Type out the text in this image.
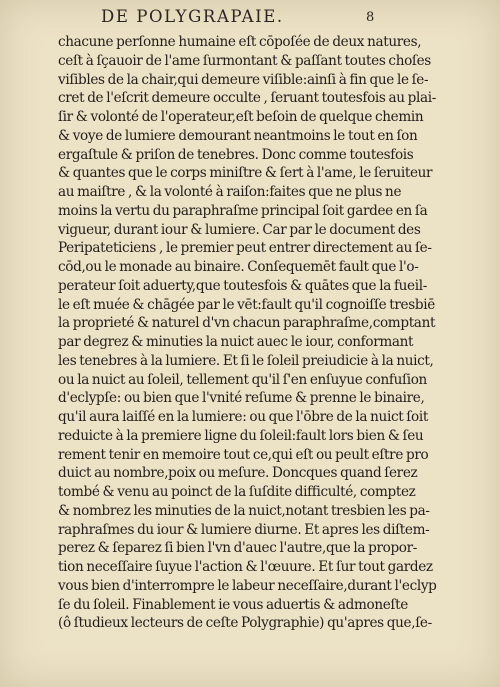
DE POLYGRAPAIE.	8
chacune perſonne humaine eſt cōpoſée de deux natures,
ceſt à ſçauoir de l'ame ſurmontant & paſſant toutes choſes
viſibles de la chair,qui demeure viſible:ainſi à fin que le ſe-
cret de l'eſcrit demeure occulte , ſeruant toutesfois au plai-
ſir & volonté de l'operateur,eſt beſoin de quelque chemin
& voye de lumiere demourant neantmoins le tout en ſon
ergaſtule & priſon de tenebres. Donc comme toutesfois
& quantes que le corps miniſtre & ſert à l'ame, le ſeruiteur
au maiſtre , & la volonté à raiſon:faites que ne plus ne
moins la vertu du paraphraſme principal ſoit gardee en ſa
vigueur, durant iour & lumiere. Car par le document des
Peripateticiens , le premier peut entrer directement au ſe-
cōd,ou le monade au binaire. Conſequemēt fault que l'o-
perateur ſoit aduerty,que toutesfois & quātes que la fueil-
le eſt muée & chāgée par le vēt:fault qu'il cognoiſſe tresbiē
la proprieté & naturel d'vn chacun paraphraſme,comptant
par degrez & minuties la nuict auec le iour, conformant
les tenebres à la lumiere. Et ſi le ſoleil preiudicie à la nuict,
ou la nuict au ſoleil, tellement qu'il ſ'en enſuyue confuſion
d'eclypſe: ou bien que l'vnité reſume & prenne le binaire,
qu'il aura laiſſé en la lumiere: ou que l'ōbre de la nuict ſoit
reduicte à la premiere ligne du ſoleil:fault lors bien & ſeu
rement tenir en memoire tout ce,qui eſt ou peult eſtre pro
duict au nombre,poix ou meſure. Doncques quand ſerez
tombé & venu au poinct de la ſuſdite difficulté, comptez
& nombrez les minuties de la nuict,notant tresbien les pa-
raphraſmes du iour & lumiere diurne. Et apres les diſtem-
perez & ſeparez ſi bien l'vn d'auec l'autre,que la propor-
tion neceſſaire ſuyue l'action & l'œuure. Et ſur tout gardez
vous bien d'interrompre le labeur neceſſaire,durant l'eclyp
ſe du ſoleil. Finablement ie vous aduertis & admoneſte
(ô ſtudieux lecteurs de ceſte Polygraphie) qu'apres que,ſe-
